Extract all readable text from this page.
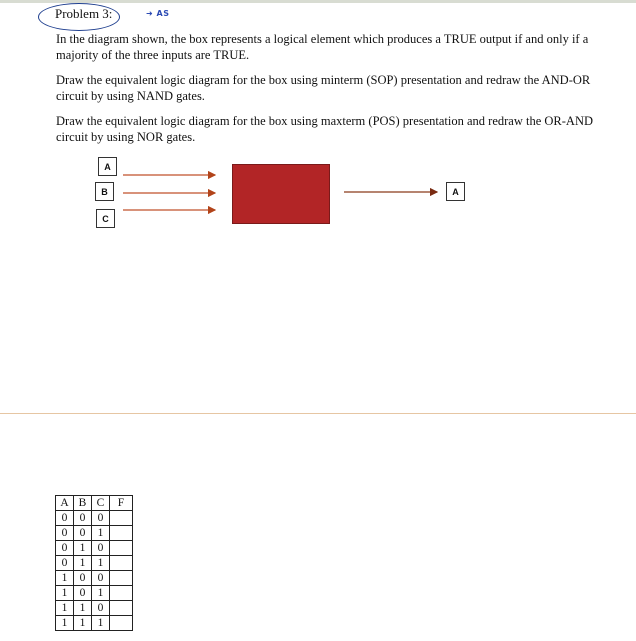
Problem 3:	➜ AS

In the diagram shown, the box represents a logical element which produces a TRUE output if and only if a majority of the three inputs are TRUE.

Draw the equivalent logic diagram for the box using minterm (SOP) presentation and redraw the AND-OR circuit by using NAND gates.

Draw the equivalent logic diagram for the box using maxterm (POS) presentation and redraw the OR-AND circuit by using NOR gates.

A
B
C
A
A	B	C	F
0	0	0	
0	0	1	
0	1	0	
0	1	1	
1	0	0	
1	0	1	
1	1	0	
1	1	1	
